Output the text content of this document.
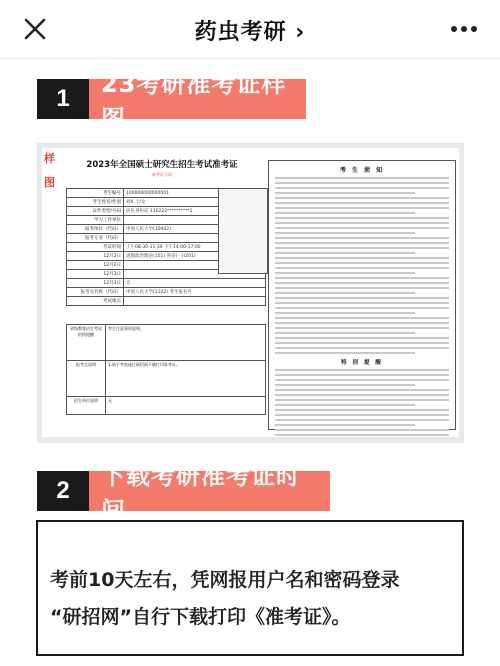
药虫考研 ›
1
23考研准考证样图
样
图
2023年全国硕士研究生招生考试准考证
准考证号码
考生编号	100000000000001
考生姓名/性别	刘X 上/女
证件类型/号码	居民身份证 110222**********1
学习工作单位	
报考单位（代码）	中国人民大学(10002)
报考专业（代码）	
考试时间	上午08:30-11:30 下午14:00-17:00
12月2日	思想政治理论(101) 英语(一)(201)
12月2日	
12月3日	
12月3日	无
报考点名称（代码）	中国人民大学(1102) 考生报名号
考试地点	
省级教育招生考试机构提醒	考生注意事项说明。
报考点说明	1.请于考前通过研招网下载打印准考证。
招生单位说明	无
考 生 须 知
特 别 提 醒
2
下载考研准考证时间

考前10天左右，凭网报用户名和密码登录

“研招网”自行下载打印《准考证》。
